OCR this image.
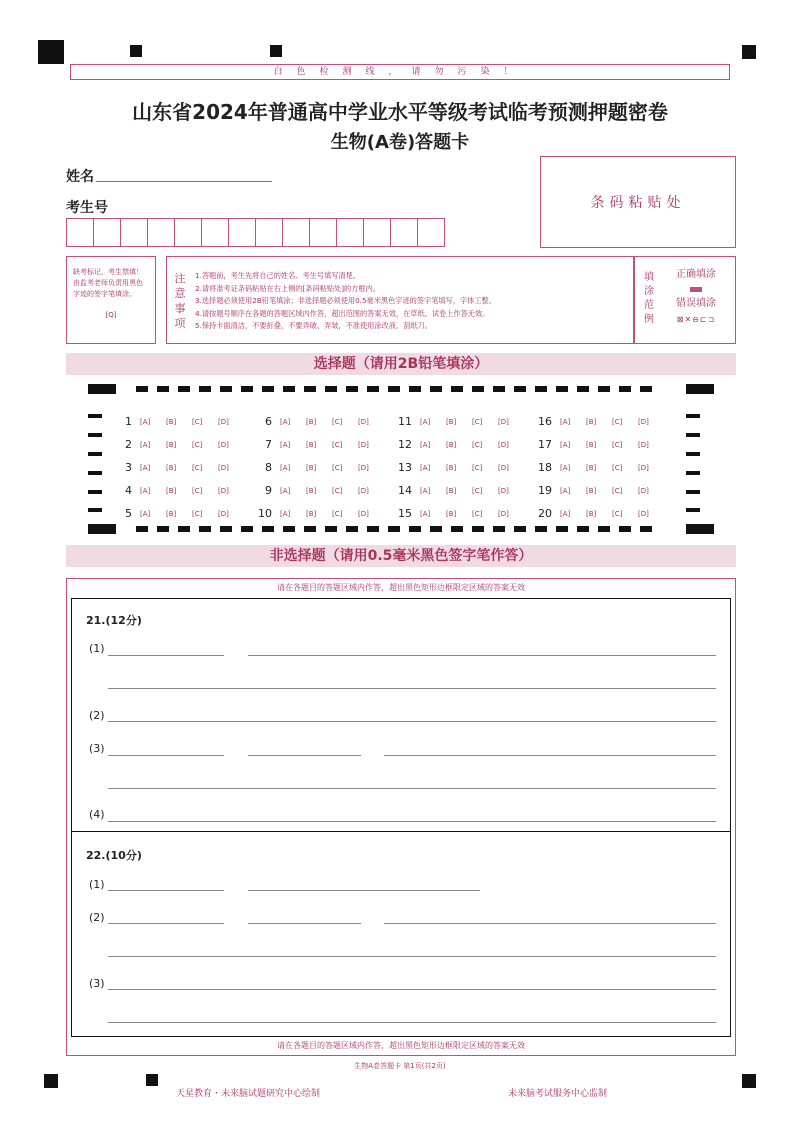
白色检测线，请勿污染！
山东省2024年普通高中学业水平等级考试临考预测押题密卷
生物(A卷)答题卡
姓名
考生号	条码粘贴处
缺考标记，考生禁填！由监考老师负责用黑色字迹的签字笔填涂。
[Q]
注意事项
1.答题前，考生先将自己的姓名、考生号填写清楚。
2.请将准考证条码粘贴在右上侧的[条码粘贴处]的方框内。
3.选择题必须使用2B铅笔填涂；非选择题必须使用0.5毫米黑色字迹的签字笔填写，字体工整。
4.请按题号顺序在各题的答题区域内作答，超出范围的答案无效，在草纸、试卷上作答无效。
5.保持卡面清洁，不要折叠，不要弄破、弄皱，不准使用涂改液、刮纸刀。
填涂范例
正确填涂
错误填涂
⊠✕⊖⊏⊐
选择题（请用2B铅笔填涂）
1 [A]	[B]	[C]	[D]
2 [A]	[B]	[C]	[D]
3 [A]	[B]	[C]	[D]
4 [A]	[B]	[C]	[D]
5 [A]	[B]	[C]	[D]
6 [A]	[B]	[C]	[D]
7 [A]	[B]	[C]	[D]
8 [A]	[B]	[C]	[D]
9 [A]	[B]	[C]	[D]
10 [A]	[B]	[C]	[D]
11 [A]	[B]	[C]	[D]
12 [A]	[B]	[C]	[D]
13 [A]	[B]	[C]	[D]
14 [A]	[B]	[C]	[D]
15 [A]	[B]	[C]	[D]
16 [A]	[B]	[C]	[D]
17 [A]	[B]	[C]	[D]
18 [A]	[B]	[C]	[D]
19 [A]	[B]	[C]	[D]
20 [A]	[B]	[C]	[D]
非选择题（请用0.5毫米黑色签字笔作答）
请在各题目的答题区域内作答，超出黑色矩形边框限定区域的答案无效
21.(12分)
(1)
(2)
(3)
(4)
22.(10分)
(1)
(2)
(3)
请在各题目的答题区域内作答，超出黑色矩形边框限定区域的答案无效
生物A卷答题卡 第1页(共2页)
天星教育・未来脑试题研究中心绘制	未来脑考试服务中心监制
